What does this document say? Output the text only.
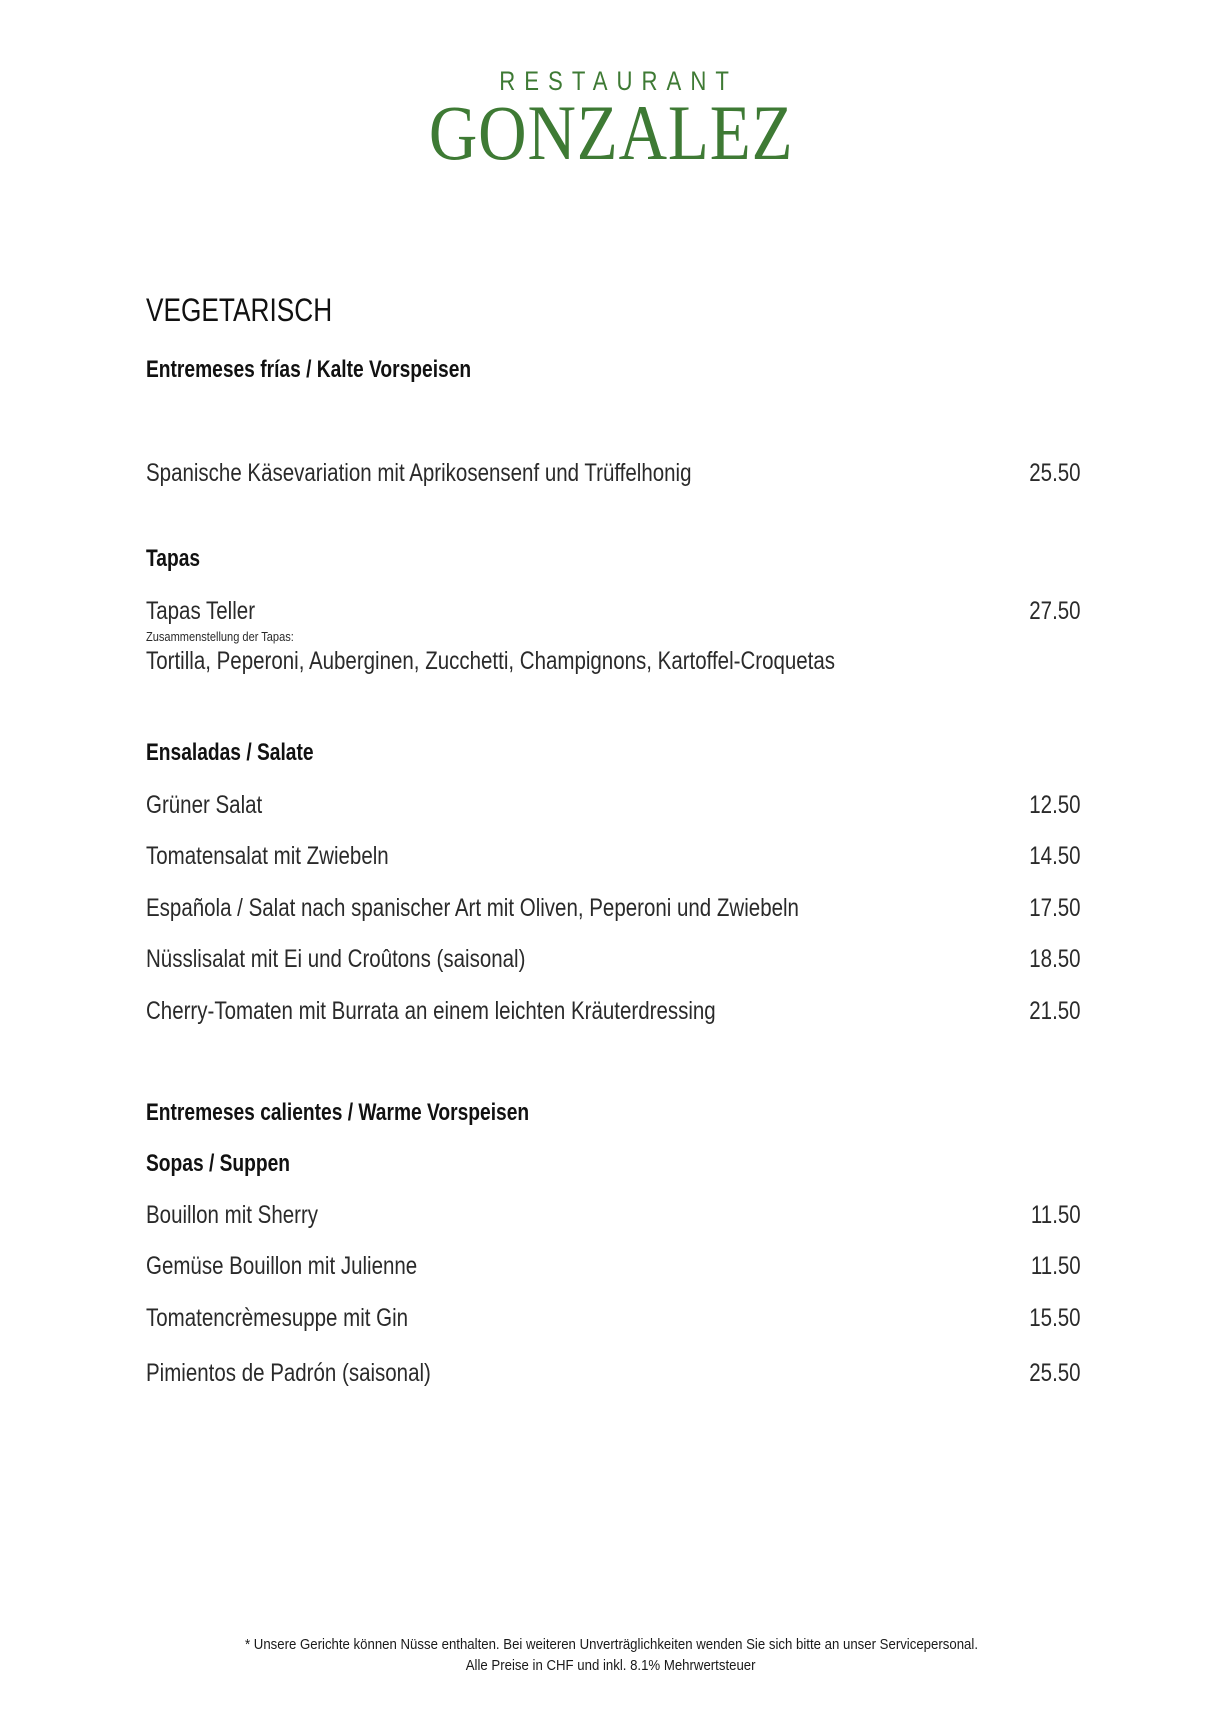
RESTAURANT
GONZALEZ
VEGETARISCH
Entremeses frías / Kalte Vorspeisen
Spanische Käsevariation mit Aprikosensenf und Trüffelhonig	25.50
Tapas
Tapas Teller	27.50
Zusammenstellung der Tapas:
Tortilla, Peperoni, Auberginen, Zucchetti, Champignons, Kartoffel-Croquetas
Ensaladas / Salate
Grüner Salat	12.50
Tomatensalat mit Zwiebeln	14.50
Española / Salat nach spanischer Art mit Oliven, Peperoni und Zwiebeln	17.50
Nüsslisalat mit Ei und Croûtons (saisonal)	18.50
Cherry-Tomaten mit Burrata an einem leichten Kräuterdressing	21.50
Entremeses calientes / Warme Vorspeisen
Sopas / Suppen
Bouillon mit Sherry	11.50
Gemüse Bouillon mit Julienne	11.50
Tomatencrèmesuppe mit Gin	15.50
Pimientos de Padrón (saisonal)	25.50
* Unsere Gerichte können Nüsse enthalten. Bei weiteren Unverträglichkeiten wenden Sie sich bitte an unser Servicepersonal.
Alle Preise in CHF und inkl. 8.1% Mehrwertsteuer
